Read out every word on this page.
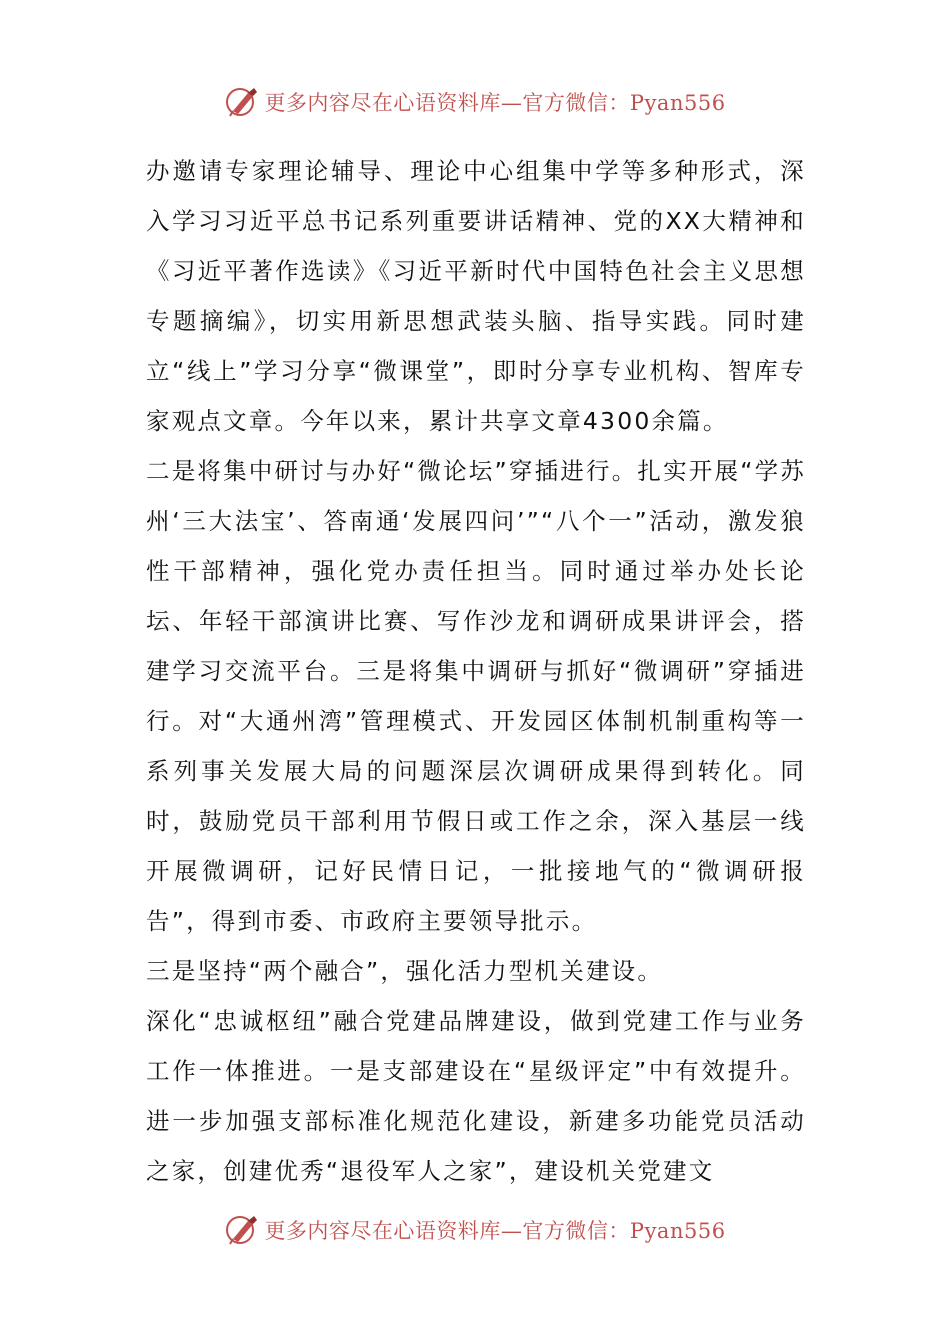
更多内容尽在心语资料库—官方微信：Pyan556

办邀请专家理论辅导、理论中心组集中学等多种形式，深入学习习近平总书记系列重要讲话精神、党的XX大精神和《习近平著作选读》《习近平新时代中国特色社会主义思想专题摘编》，切实用新思想武装头脑、指导实践。同时建立“线上”学习分享“微课堂”，即时分享专业机构、智库专家观点文章。今年以来，累计共享文章4300余篇。

二是将集中研讨与办好“微论坛”穿插进行。扎实开展“学苏州‘三大法宝’、答南通‘发展四问’”“八个一”活动，激发狼性干部精神，强化党办责任担当。同时通过举办处长论坛、年轻干部演讲比赛、写作沙龙和调研成果讲评会，搭建学习交流平台。三是将集中调研与抓好“微调研”穿插进行。对“大通州湾”管理模式、开发园区体制机制重构等一系列事关发展大局的问题深层次调研成果得到转化。同时，鼓励党员干部利用节假日或工作之余，深入基层一线开展微调研，记好民情日记，一批接地气的“微调研报告”，得到市委、市政府主要领导批示。

三是坚持“两个融合”，强化活力型机关建设。

深化“忠诚枢纽”融合党建品牌建设，做到党建工作与业务工作一体推进。一是支部建设在“星级评定”中有效提升。进一步加强支部标准化规范化建设，新建多功能党员活动之家，创建优秀“退役军人之家”，建设机关党建文

更多内容尽在心语资料库—官方微信：Pyan556
